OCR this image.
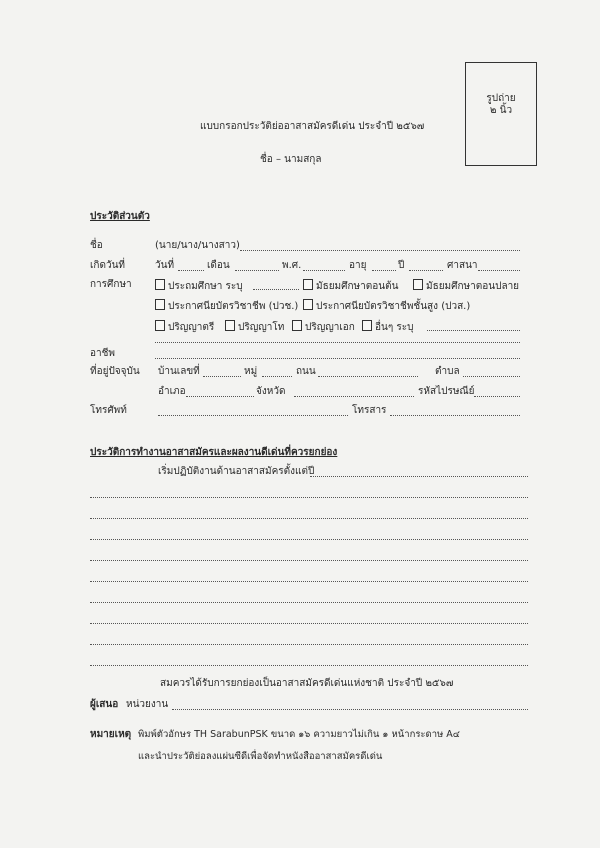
รูปถ่าย
๒ นิ้ว
แบบกรอกประวัติย่ออาสาสมัครดีเด่น ประจำปี ๒๕๖๗
ชื่อ – นามสกุล
ประวัติส่วนตัว
ชื่อ	(นาย/นาง/นางสาว)
เกิดวันที่	วันที่	เดือน	พ.ศ.	อายุ	ปี	ศาสนา
การศึกษา	ประถมศึกษา ระบุ	มัธยมศึกษาตอนต้น	มัธยมศึกษาตอนปลาย
ประกาศนียบัตรวิชาชีพ (ปวช.)	ประกาศนียบัตรวิชาชีพชั้นสูง (ปวส.)
ปริญญาตรี	ปริญญาโท	ปริญญาเอก	อื่นๆ ระบุ
อาชีพ
ที่อยู่ปัจจุบัน บ้านเลขที่	หมู่	ถนน	ตำบล
อำเภอ	จังหวัด	รหัสไปรษณีย์
โทรศัพท์	โทรสาร
ประวัติการทำงานอาสาสมัครและผลงานดีเด่นที่ควรยกย่อง
เริ่มปฏิบัติงานด้านอาสาสมัครตั้งแต่ปี
สมควรได้รับการยกย่องเป็นอาสาสมัครดีเด่นแห่งชาติ ประจำปี ๒๕๖๗
ผู้เสนอ หน่วยงาน
หมายเหตุ พิมพ์ตัวอักษร TH SarabunPSK ขนาด ๑๖ ความยาวไม่เกิน ๑ หน้ากระดาษ A๔
และนำประวัติย่อลงแผ่นซีดีเพื่อจัดทำหนังสืออาสาสมัครดีเด่น
